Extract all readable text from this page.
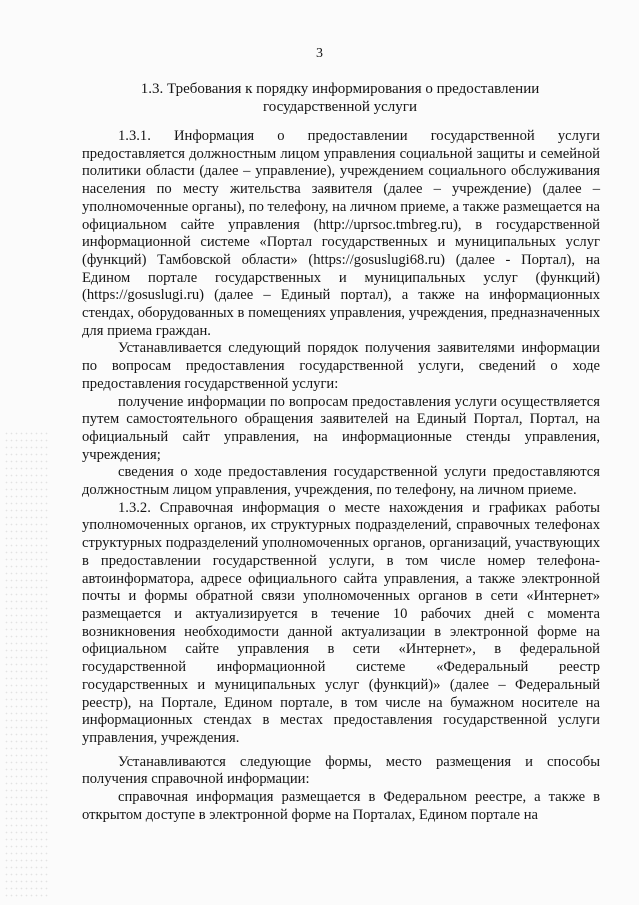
3
1.3. Требования к порядку информирования о предоставлении
государственной услуги

1.3.1. Информация о предоставлении государственной услуги предоставляется должностным лицом управления социальной защиты и семейной политики области (далее – управление), учреждением социального обслуживания населения по месту жительства заявителя (далее – учреждение) (далее – уполномоченные органы), по телефону, на личном приеме, а также размещается на официальном сайте управления (http://uprsoc.tmbreg.ru), в государственной информационной системе «Портал государственных и муниципальных услуг (функций) Тамбовской области» (https://gosuslugi68.ru) (далее - Портал), на Едином портале государственных и муниципальных услуг (функций) (https://gosuslugi.ru) (далее – Единый портал), а также на информационных стендах, оборудованных в помещениях управления, учреждения, предназначенных для приема граждан.

Устанавливается следующий порядок получения заявителями информации по вопросам предоставления государственной услуги, сведений о ходе предоставления государственной услуги:

получение информации по вопросам предоставления услуги осуществляется путем самостоятельного обращения заявителей на Единый Портал, Портал, на официальный сайт управления, на информационные стенды управления, учреждения;

сведения о ходе предоставления государственной услуги предоставляются должностным лицом управления, учреждения, по телефону, на личном приеме.

1.3.2. Справочная информация о месте нахождения и графиках работы уполномоченных органов, их структурных подразделений, справочных телефонах структурных подразделений уполномоченных органов, организаций, участвующих в предоставлении государственной услуги, в том числе номер телефона-автоинформатора, адресе официального сайта управления, а также электронной почты и формы обратной связи уполномоченных органов в сети «Интернет» размещается и актуализируется в течение 10 рабочих дней с момента возникновения необходимости данной актуализации в электронной форме на официальном сайте управления в сети «Интернет», в федеральной государственной информационной системе «Федеральный реестр государственных и муниципальных услуг (функций)» (далее – Федеральный реестр), на Портале, Едином портале, в том числе на бумажном носителе на информационных стендах в местах предоставления государственной услуги управления, учреждения.

Устанавливаются следующие формы, место размещения и способы получения справочной информации:

справочная информация размещается в Федеральном реестре, а также в открытом доступе в электронной форме на Порталах, Едином портале на
